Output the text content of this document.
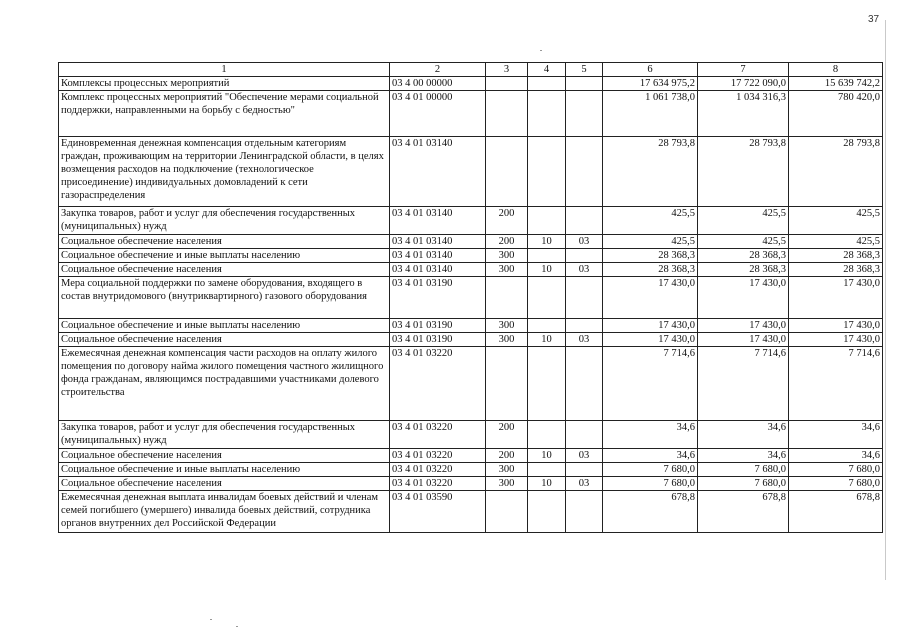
37
1	2	3	4	5	6	7	8
Комплексы процессных мероприятий	03 4 00 00000				17 634 975,2	17 722 090,0	15 639 742,2
Комплекс процессных мероприятий "Обеспечение мерами социальной поддержки, направленными на борьбу с бедностью"	03 4 01 00000				1 061 738,0	1 034 316,3	780 420,0
Единовременная денежная компенсация отдельным категориям граждан, проживающим на территории Ленинградской области, в целях возмещения расходов на подключение (технологическое присоединение) индивидуальных домовладений к сети газораспределения	03 4 01 03140				28 793,8	28 793,8	28 793,8
Закупка товаров, работ и услуг для обеспечения государственных (муниципальных) нужд	03 4 01 03140	200			425,5	425,5	425,5
Социальное обеспечение населения	03 4 01 03140	200	10	03	425,5	425,5	425,5
Социальное обеспечение и иные выплаты населению	03 4 01 03140	300			28 368,3	28 368,3	28 368,3
Социальное обеспечение населения	03 4 01 03140	300	10	03	28 368,3	28 368,3	28 368,3
Мера социальной поддержки по замене оборудования, входящего в состав внутридомового (внутриквартирного) газового оборудования	03 4 01 03190				17 430,0	17 430,0	17 430,0
Социальное обеспечение и иные выплаты населению	03 4 01 03190	300			17 430,0	17 430,0	17 430,0
Социальное обеспечение населения	03 4 01 03190	300	10	03	17 430,0	17 430,0	17 430,0
Ежемесячная денежная компенсация части расходов на оплату жилого помещения по договору найма жилого помещения частного жилищного фонда гражданам, являющимся пострадавшими участниками долевого строительства	03 4 01 03220				7 714,6	7 714,6	7 714,6
Закупка товаров, работ и услуг для обеспечения государственных (муниципальных) нужд	03 4 01 03220	200			34,6	34,6	34,6
Социальное обеспечение населения	03 4 01 03220	200	10	03	34,6	34,6	34,6
Социальное обеспечение и иные выплаты населению	03 4 01 03220	300			7 680,0	7 680,0	7 680,0
Социальное обеспечение населения	03 4 01 03220	300	10	03	7 680,0	7 680,0	7 680,0
Ежемесячная денежная выплата инвалидам боевых действий и членам семей погибшего (умершего) инвалида боевых действий, сотрудника органов внутренних дел Российской Федерации	03 4 01 03590				678,8	678,8	678,8
